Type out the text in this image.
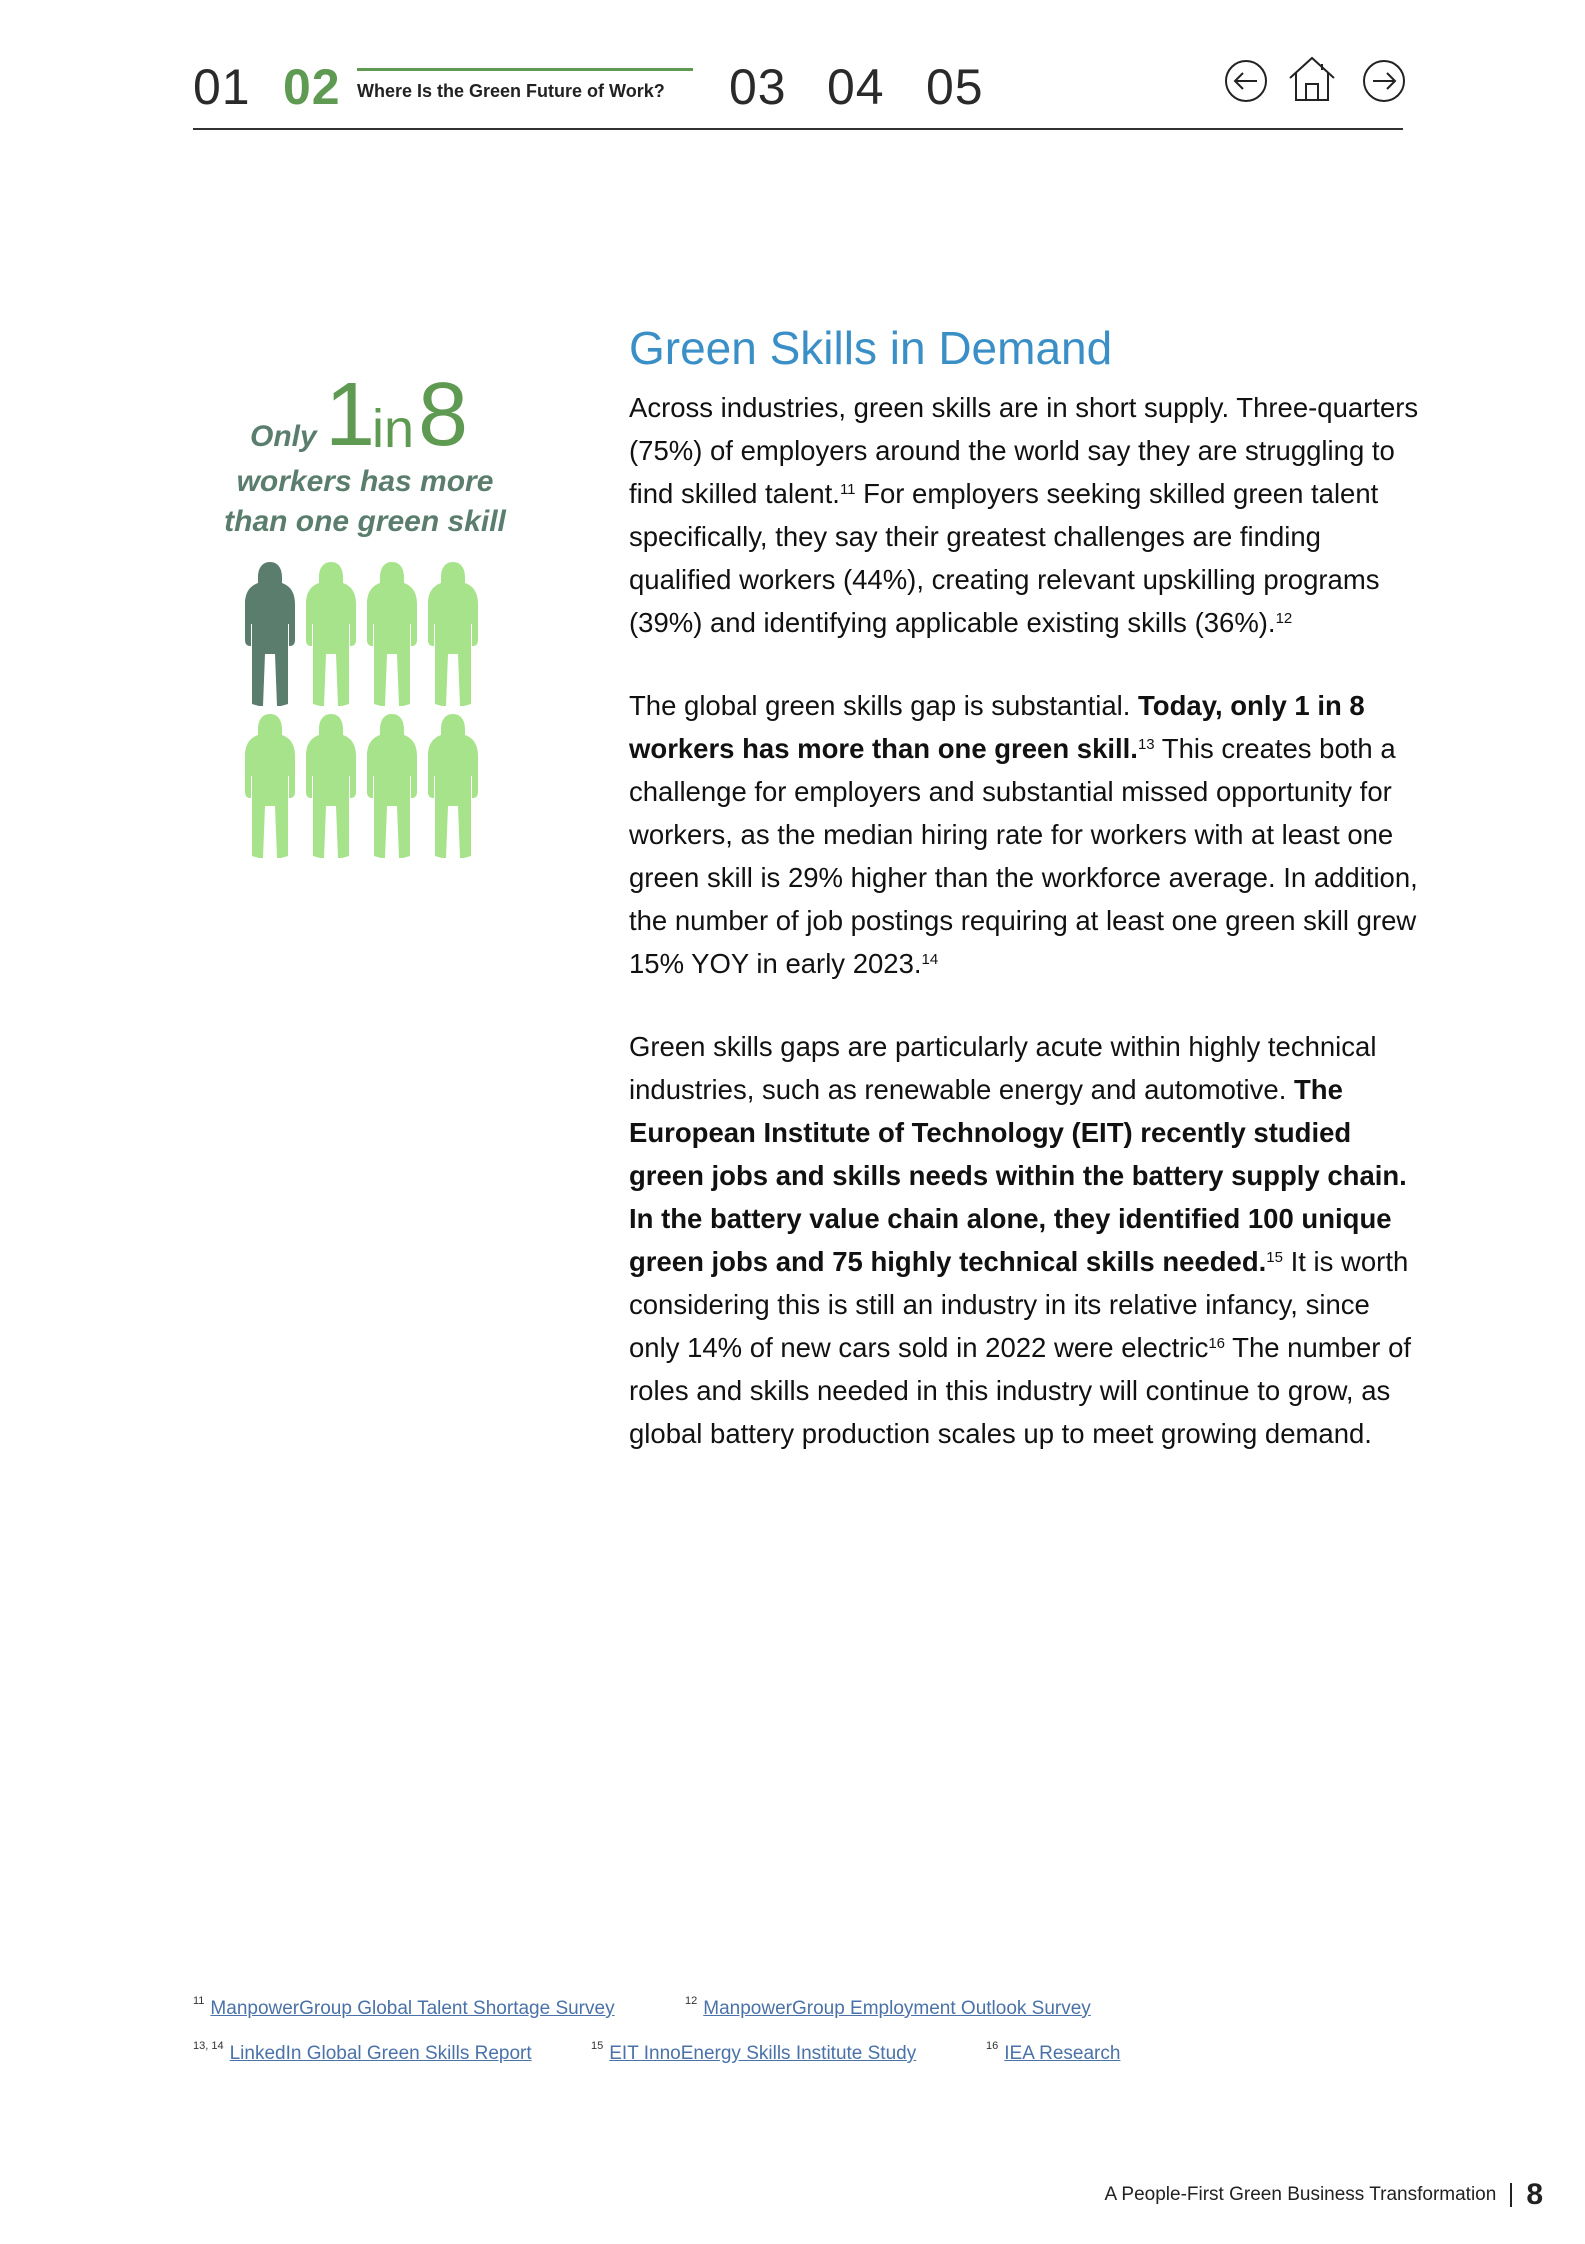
01 02 Where Is the Green Future of Work?	03 04 05
Only 1
in 8
workers has more
than one green skill
Green Skills in Demand

Across industries, green skills are in short supply. Three-quarters (75%) of employers around the world say they are struggling to find skilled talent.$^{11}$ For employers seeking skilled green talent specifically, they say their greatest challenges are finding qualified workers (44%), creating relevant upskilling programs (39%) and identifying applicable existing skills (36%).$^{12}$

The global green skills gap is substantial. Today, only 1 in 8 workers has more than one green skill.$^{13}$ This creates both a challenge for employers and substantial missed opportunity for workers, as the median hiring rate for workers with at least one green skill is 29% higher than the workforce average. In addition, the number of job postings requiring at least one green skill grew 15% YOY in early 2023.14

Green skills gaps are particularly acute within highly technical industries, such as renewable energy and automotive. The European Institute of Technology (EIT) recently studied green jobs and skills needs within the battery supply chain. In the battery value chain alone, they identified 100 unique green jobs and 75 highly technical skills needed.$^{15}$ It is worth considering this is still an industry in its relative infancy, since only 14% of new cars sold in 2022 were electric$^{16}$ The number of roles and skills needed in this industry will continue to grow, as global battery production scales up to meet growing demand.

$^{11}$ ManpowerGroup Global Talent Shortage Survey	$^{12}$ ManpowerGroup Employment Outlook Survey
$^{13, 14}$ LinkedIn Global Green Skills Report	$^{15}$ EIT InnoEnergy Skills Institute Study	$^{16}$ IEA Research
A People-First Green Business Transformation 8
